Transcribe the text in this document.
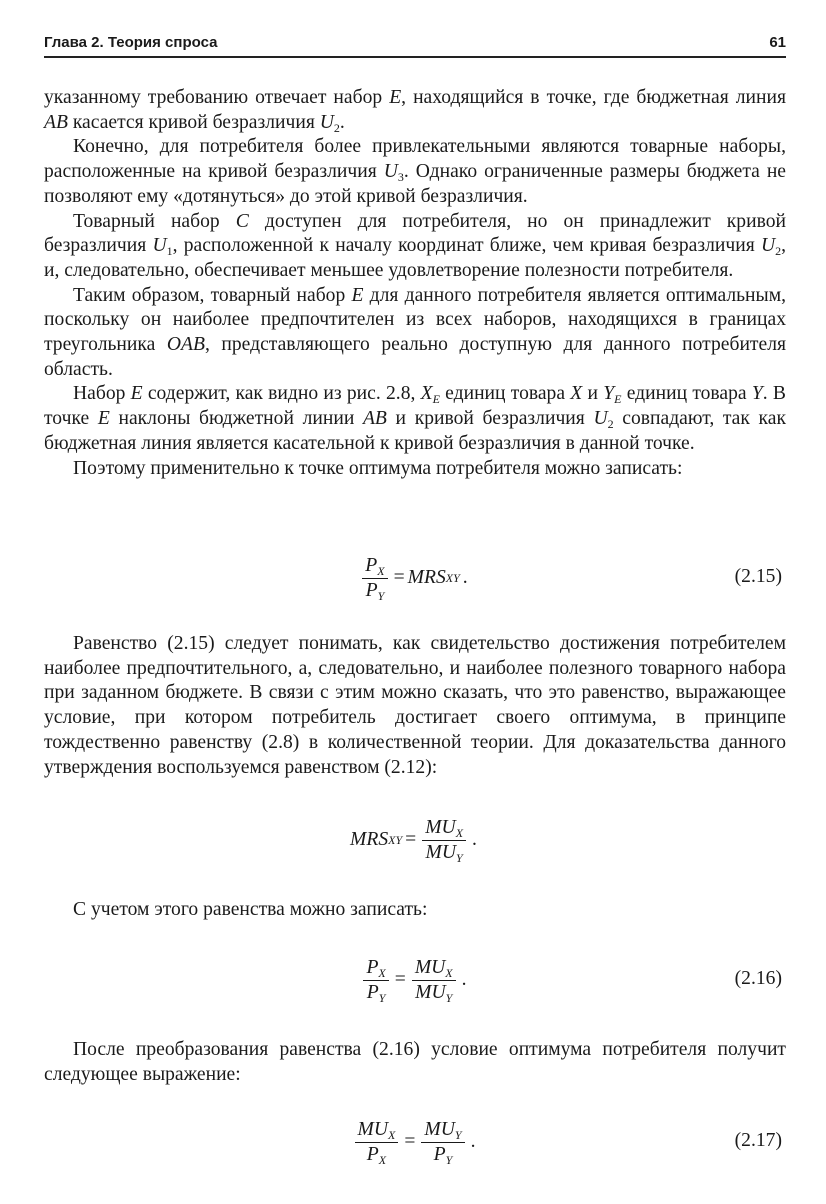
Глава 2. Теория спроса	61

указанному требованию отвечает набор E, находящийся в точке, где бюджетная линия AB касается кривой безразличия $U_2$.

Конечно, для потребителя более привлекательными являются товарные наборы, расположенные на кривой безразличия $U_3$. Однако ограниченные размеры бюджета не позволяют ему «дотянуться» до этой кривой безразличия.

Товарный набор C доступен для потребителя, но он принадлежит кривой безразличия $U_1$, расположенной к началу координат ближе, чем кривая безразличия $U_2$, и, следовательно, обеспечивает меньшее удовлетворение полезности потребителя.

Таким образом, товарный набор E для данного потребителя является оптимальным, поскольку он наиболее предпочтителен из всех наборов, находящихся в границах треугольника OAB, представляющего реально доступную для данного потребителя область.

Набор E содержит, как видно из рис. 2.8, $X_E$ единиц товара X и $Y_E$ единиц товара Y. В точке E наклоны бюджетной линии AB и кривой безразличия $U_2$ совпадают, так как бюджетная линия является касательной к кривой безразличия в данной точке.

Поэтому применительно к точке оптимума потребителя можно записать:

$\frac{P_X}{P_Y}$ = MRS XY .	(2.15)

Равенство (2.15) следует понимать, как свидетельство достижения потребителем наиболее предпочтительного, а, следовательно, и наиболее полезного товарного набора при заданном бюджете. В связи с этим можно сказать, что это равенство, выражающее условие, при котором потребитель достигает своего оптимума, в принципе тождественно равенству (2.8) в количественной теории. Для доказательства данного утверждения воспользуемся равенством (2.12):

MRS XY = $\frac{MU_X}{MU_Y}$ .

С учетом этого равенства можно записать:

$\frac{P_X}{P_Y} = \frac{MU_X}{MU_Y}$ .	(2.16)

После преобразования равенства (2.16) условие оптимума потребителя получит следующее выражение:

$\frac{MU_X}{P_X} = \frac{MU_Y}{P_Y}$ .	(2.17)
